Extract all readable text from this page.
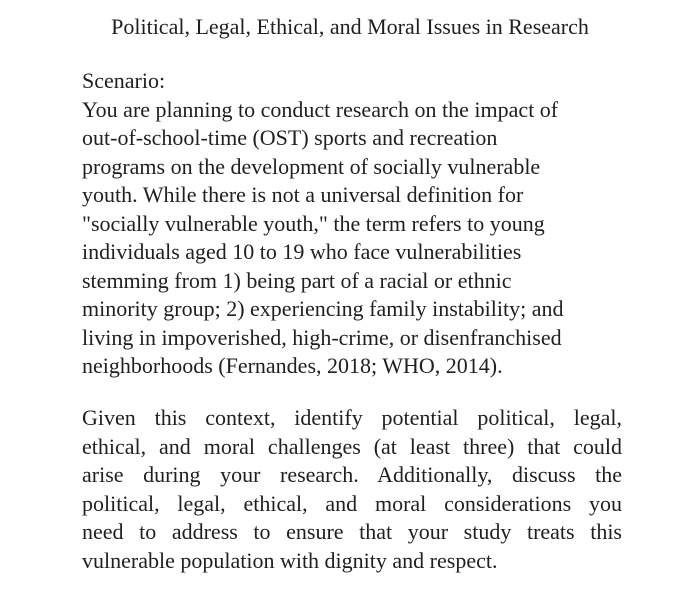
Political, Legal, Ethical, and Moral Issues in Research
Scenario:
You are planning to conduct research on the impact of
out-of-school-time (OST) sports and recreation
programs on the development of socially vulnerable
youth. While there is not a universal definition for
"socially vulnerable youth," the term refers to young
individuals aged 10 to 19 who face vulnerabilities
stemming from 1) being part of a racial or ethnic
minority group; 2) experiencing family instability; and
living in impoverished, high-crime, or disenfranchised
neighborhoods (Fernandes, 2018; WHO, 2014).
Given this context, identify potential political, legal,
ethical, and moral challenges (at least three) that could
arise during your research. Additionally, discuss the
political, legal, ethical, and moral considerations you
need to address to ensure that your study treats this
vulnerable population with dignity and respect.
